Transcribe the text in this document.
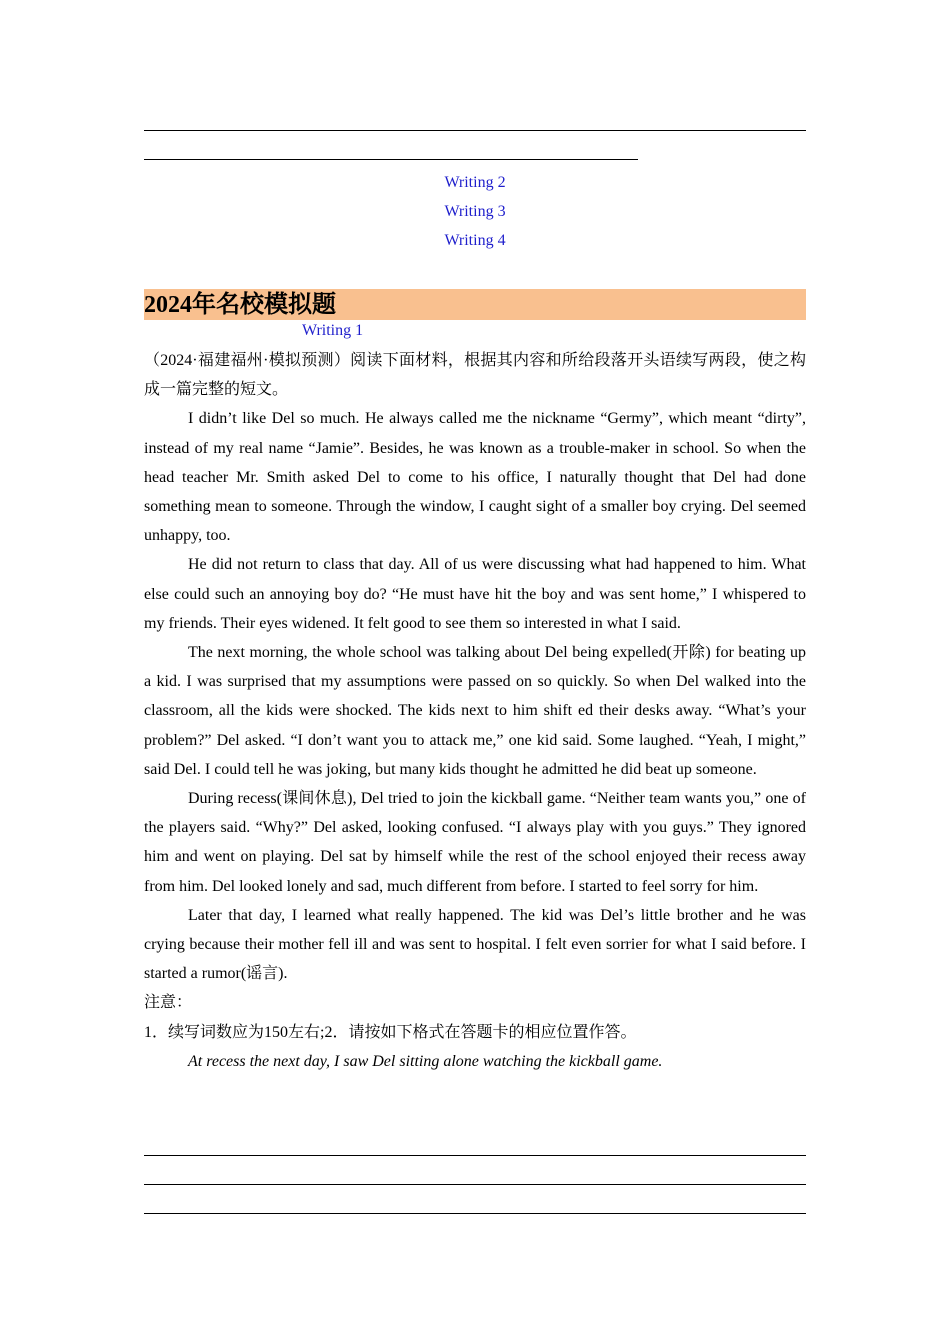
Writing 2
Writing 3
Writing 4
2024年名校模拟题
Writing 1

（2024·福建福州·模拟预测）阅读下面材料，根据其内容和所给段落开头语续写两段，使之构成一篇完整的短文。

I didn’t like Del so much. He always called me the nickname “Germy”, which meant “dirty”, instead of my real name “Jamie”. Besides, he was known as a trouble-maker in school. So when the head teacher Mr. Smith asked Del to come to his office, I naturally thought that Del had done something mean to someone. Through the window, I caught sight of a smaller boy crying. Del seemed unhappy, too.

He did not return to class that day. All of us were discussing what had happened to him. What else could such an annoying boy do? “He must have hit the boy and was sent home,” I whispered to my friends. Their eyes widened. It felt good to see them so interested in what I said.

The next morning, the whole school was talking about Del being expelled(开除) for beating up a kid. I was surprised that my assumptions were passed on so quickly. So when Del walked into the classroom, all the kids were shocked. The kids next to him shift ed their desks away. “What’s your problem?” Del asked. “I don’t want you to attack me,” one kid said. Some laughed. “Yeah, I might,” said Del. I could tell he was joking, but many kids thought he admitted he did beat up someone.

During recess(课间休息), Del tried to join the kickball game. “Neither team wants you,” one of the players said. “Why?” Del asked, looking confused. “I always play with you guys.” They ignored him and went on playing. Del sat by himself while the rest of the school enjoyed their recess away from him. Del looked lonely and sad, much different from before. I started to feel sorry for him.

Later that day, I learned what really happened. The kid was Del’s little brother and he was crying because their mother fell ill and was sent to hospital. I felt even sorrier for what I said before. I started a rumor(谣言).

注意：

1．续写词数应为150左右;2．请按如下格式在答题卡的相应位置作答。

At recess the next day, I saw Del sitting alone watching the kickball game.
